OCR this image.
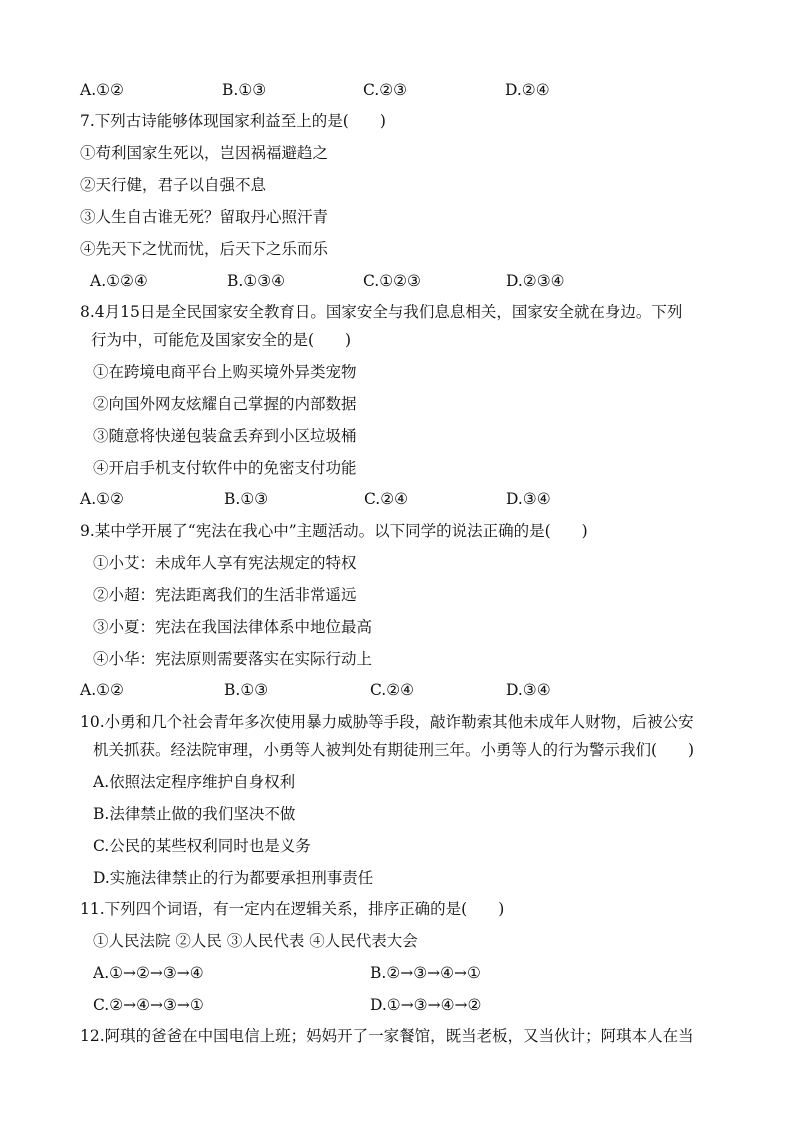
A.①②	B.①③	C.②③	D.②④
7.下列古诗能够体现国家利益至上的是(　　)
①苟利国家生死以，岂因祸福避趋之
②天行健，君子以自强不息
③人生自古谁无死？留取丹心照汗青
④先天下之忧而忧，后天下之乐而乐
A.①②④	B.①③④	C.①②③	D.②③④
8.4月15日是全民国家安全教育日。国家安全与我们息息相关，国家安全就在身边。下列
行为中，可能危及国家安全的是(　　)
①在跨境电商平台上购买境外异类宠物
②向国外网友炫耀自己掌握的内部数据
③随意将快递包装盒丢弃到小区垃圾桶
④开启手机支付软件中的免密支付功能
A.①②	B.①③	C.②④	D.③④
9.某中学开展了“宪法在我心中”主题活动。以下同学的说法正确的是(　　)
①小艾：未成年人享有宪法规定的特权
②小超：宪法距离我们的生活非常遥远
③小夏：宪法在我国法律体系中地位最高
④小华：宪法原则需要落实在实际行动上
A.①②	B.①③	C.②④	D.③④
10.小勇和几个社会青年多次使用暴力威胁等手段，敲诈勒索其他未成年人财物，后被公安
机关抓获。经法院审理，小勇等人被判处有期徒刑三年。小勇等人的行为警示我们(　　)
A.依照法定程序维护自身权利
B.法律禁止做的我们坚决不做
C.公民的某些权利同时也是义务
D.实施法律禁止的行为都要承担刑事责任
11.下列四个词语，有一定内在逻辑关系，排序正确的是(　　)
①人民法院 ②人民 ③人民代表 ④人民代表大会
A.①→②→③→④	B.②→③→④→①
C.②→④→③→①	D.①→③→④→②
12.阿琪的爸爸在中国电信上班；妈妈开了一家餐馆，既当老板，又当伙计；阿琪本人在当
